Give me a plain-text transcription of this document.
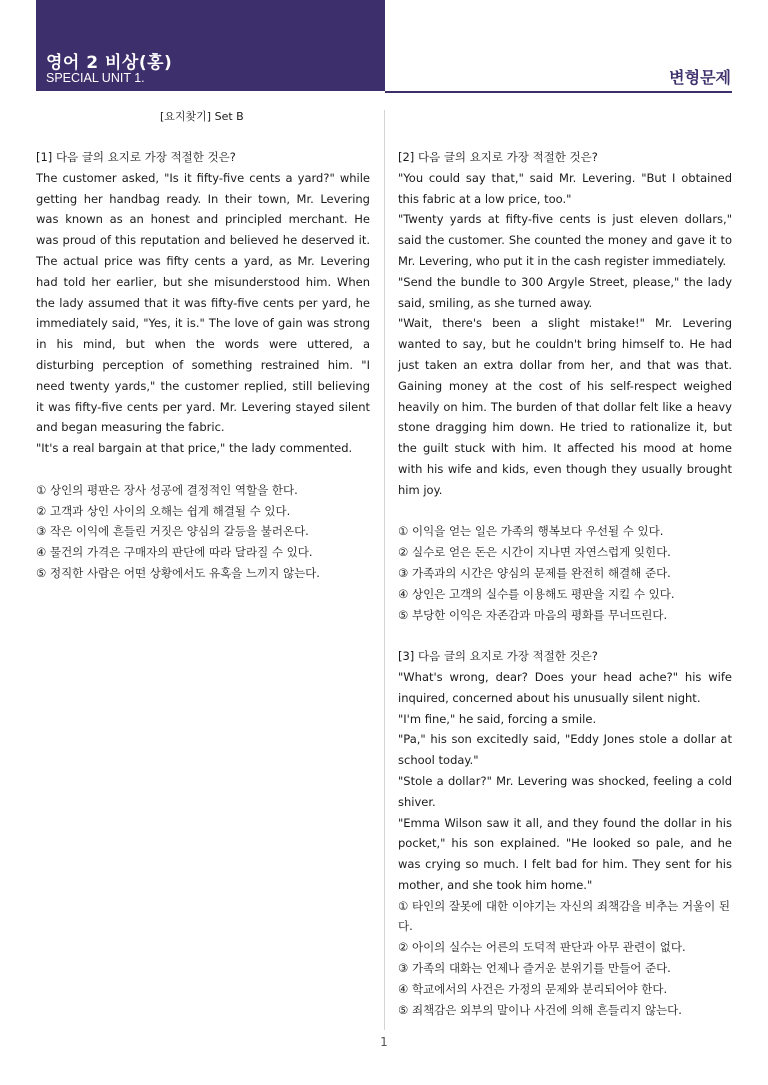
영어 2 비상(홍)
SPECIAL UNIT 1.	변형문제
[요지찾기] Set B
[1] 다음 글의 요지로 가장 적절한 것은?

The customer asked, "Is it fifty-five cents a yard?" while getting her handbag ready. In their town, Mr. Levering was known as an honest and principled merchant. He was proud of this reputation and believed he deserved it. The actual price was fifty cents a yard, as Mr. Levering had told her earlier, but she misunderstood him. When the lady assumed that it was fifty-five cents per yard, he immediately said, "Yes, it is." The love of gain was strong in his mind, but when the words were uttered, a disturbing perception of something restrained him. "I need twenty yards," the customer replied, still believing it was fifty-five cents per yard. Mr. Levering stayed silent and began measuring the fabric.

"It's a real bargain at that price," the lady commented.

① 상인의 평판은 장사 성공에 결정적인 역할을 한다.
② 고객과 상인 사이의 오해는 쉽게 해결될 수 있다.
③ 작은 이익에 흔들린 거짓은 양심의 갈등을 불러온다.
④ 물건의 가격은 구매자의 판단에 따라 달라질 수 있다.
⑤ 정직한 사람은 어떤 상황에서도 유혹을 느끼지 않는다.
[2] 다음 글의 요지로 가장 적절한 것은?

"You could say that," said Mr. Levering. "But I obtained this fabric at a low price, too."

"Twenty yards at fifty-five cents is just eleven dollars," said the customer. She counted the money and gave it to Mr. Levering, who put it in the cash register immediately.

"Send the bundle to 300 Argyle Street, please," the lady said, smiling, as she turned away.

"Wait, there's been a slight mistake!" Mr. Levering wanted to say, but he couldn't bring himself to. He had just taken an extra dollar from her, and that was that. Gaining money at the cost of his self-respect weighed heavily on him. The burden of that dollar felt like a heavy stone dragging him down. He tried to rationalize it, but the guilt stuck with him. It affected his mood at home with his wife and kids, even though they usually brought him joy.

① 이익을 얻는 일은 가족의 행복보다 우선될 수 있다.
② 실수로 얻은 돈은 시간이 지나면 자연스럽게 잊힌다.
③ 가족과의 시간은 양심의 문제를 완전히 해결해 준다.
④ 상인은 고객의 실수를 이용해도 평판을 지킬 수 있다.
⑤ 부당한 이익은 자존감과 마음의 평화를 무너뜨린다.
[3] 다음 글의 요지로 가장 적절한 것은?

"What's wrong, dear? Does your head ache?" his wife inquired, concerned about his unusually silent night.

"I'm fine," he said, forcing a smile.

"Pa," his son excitedly said, "Eddy Jones stole a dollar at school today."

"Stole a dollar?" Mr. Levering was shocked, feeling a cold shiver.

"Emma Wilson saw it all, and they found the dollar in his pocket," his son explained. "He looked so pale, and he was crying so much. I felt bad for him. They sent for his mother, and she took him home."

① 타인의 잘못에 대한 이야기는 자신의 죄책감을 비추는 거울이 된다.
② 아이의 실수는 어른의 도덕적 판단과 아무 관련이 없다.
③ 가족의 대화는 언제나 즐거운 분위기를 만들어 준다.
④ 학교에서의 사건은 가정의 문제와 분리되어야 한다.
⑤ 죄책감은 외부의 말이나 사건에 의해 흔들리지 않는다.
1
